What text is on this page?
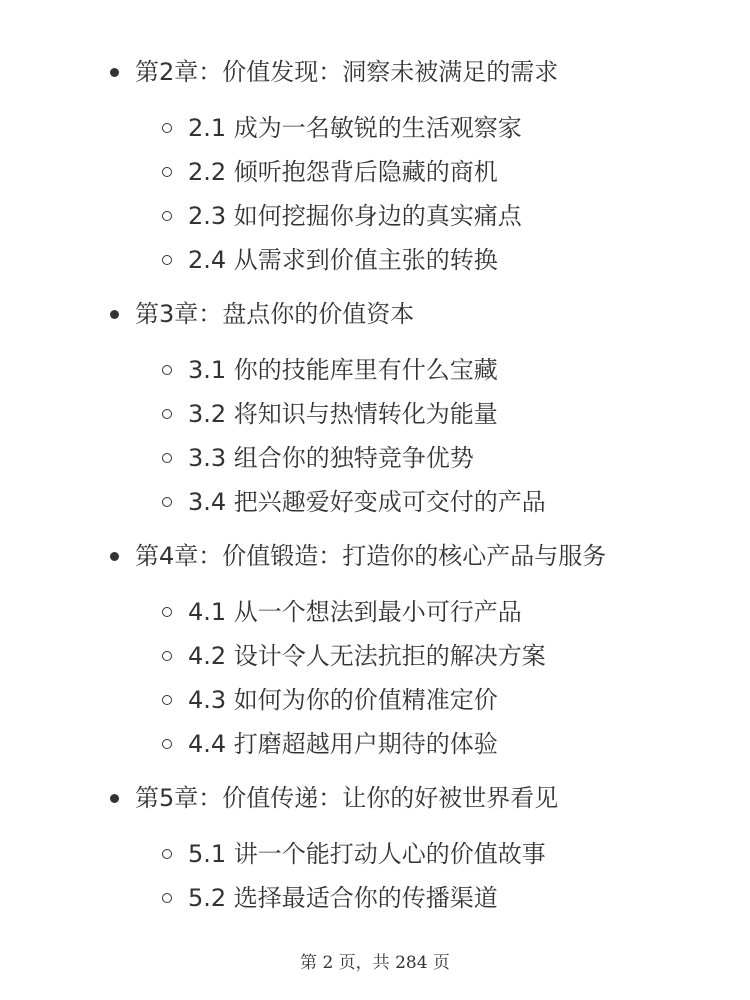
第2章：价值发现：洞察未被满足的需求
2.1 成为一名敏锐的生活观察家
2.2 倾听抱怨背后隐藏的商机
2.3 如何挖掘你身边的真实痛点
2.4 从需求到价值主张的转换
第3章：盘点你的价值资本
3.1 你的技能库里有什么宝藏
3.2 将知识与热情转化为能量
3.3 组合你的独特竞争优势
3.4 把兴趣爱好变成可交付的产品
第4章：价值锻造：打造你的核心产品与服务
4.1 从一个想法到最小可行产品
4.2 设计令人无法抗拒的解决方案
4.3 如何为你的价值精准定价
4.4 打磨超越用户期待的体验
第5章：价值传递：让你的好被世界看见
5.1 讲一个能打动人心的价值故事
5.2 选择最适合你的传播渠道
第 2 页，共 284 页
